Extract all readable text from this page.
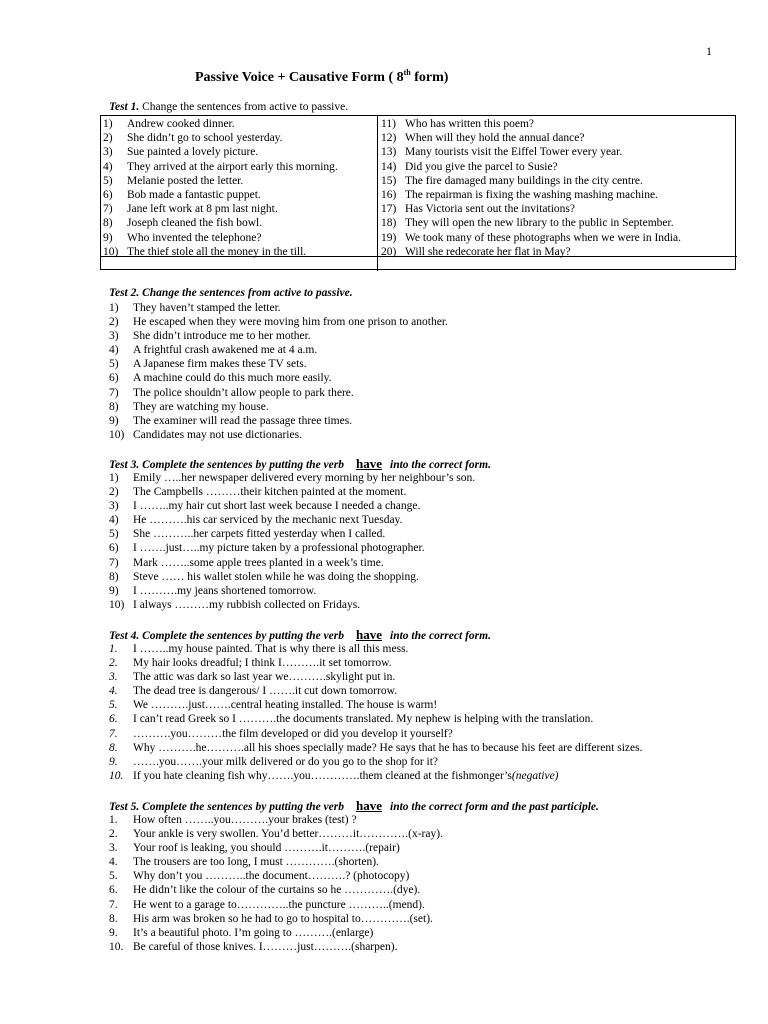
1
Passive Voice + Causative Form ( 8th form)
Test 1. Change the sentences from active to passive.
1)	Andrew cooked dinner.
2)	She didn’t go to school yesterday.
3)	Sue painted a lovely picture.
4)	They arrived at the airport early this morning.
5)	Melanie posted the letter.
6)	Bob made a fantastic puppet.
7)	Jane left work at 8 pm last night.
8)	Joseph cleaned the fish bowl.
9)	Who invented the telephone?
10) The thief stole all the money in the till.
11) Who has written this poem?
12) When will they hold the annual dance?
13) Many tourists visit the Eiffel Tower every year.
14) Did you give the parcel to Susie?
15) The fire damaged many buildings in the city centre.
16) The repairman is fixing the washing mashing machine.
17) Has Victoria sent out the invitations?
18) They will open the new library to the public in September.
19) We took many of these photographs when we were in India.
20) Will she redecorate her flat in May?
Test 2. Change the sentences from active to passive.
1)	They haven’t stamped the letter.
2)	He escaped when they were moving him from one prison to another.
3)	She didn’t introduce me to her mother.
4)	A frightful crash awakened me at 4 a.m.
5)	A Japanese firm makes these TV sets.
6)	A machine could do this much more easily.
7)	The police shouldn’t allow people to park there.
8)	They are watching my house.
9)	The examiner will read the passage three times.
10) Candidates may not use dictionaries.
Test 3. Complete the sentences by putting the verb have into the correct form.
1)	Emily …..her newspaper delivered every morning by her neighbour’s son.
2)	The Campbells ………their kitchen painted at the moment.
3)	I ……..my hair cut short last week because I needed a change.
4)	He ……….his car serviced by the mechanic next Tuesday.
5)	She ………..her carpets fitted yesterday when I called.
6)	I …….just…..my picture taken by a professional photographer.
7)	Mark ……..some apple trees planted in a week’s time.
8)	Steve …… his wallet stolen while he was doing the shopping.
9)	I ……….my jeans shortened tomorrow.
10) I always ………my rubbish collected on Fridays.
Test 4. Complete the sentences by putting the verb have into the correct form.
1.	I ……..my house painted. That is why there is all this mess.
2.	My hair looks dreadful; I think I……….it set tomorrow.
3.	The attic was dark so last year we……….skylight put in.
4.	The dead tree is dangerous/ I …….it cut down tomorrow.
5.	We ……….just…….central heating installed. The house is warm!
6.	I can’t read Greek so I ……….the documents translated. My nephew is helping with the translation.
7.	……….you………the film developed or did you develop it yourself?
8.	Why ……….he……….all his shoes specially made? He says that he has to because his feet are different sizes.
9.	…….you…….your milk delivered or do you go to the shop for it?
10. If you hate cleaning fish why…….you………….them cleaned at the fishmonger’s (negative)
Test 5. Complete the sentences by putting the verb have into the correct form and the past participle.
1.	How often ……..you……….your brakes (test) ?
2.	Your ankle is very swollen. You’d better………it………….(x-ray).
3.	Your roof is leaking, you should ……….it……….(repair)
4.	The trousers are too long, I must ………….(shorten).
5.	Why don’t you ………..the document……….? (photocopy)
6.	He didn’t like the colour of the curtains so he ………….(dye).
7.	He went to a garage to…………..the puncture ………..(mend).
8.	His arm was broken so he had to go to hospital to………….(set).
9.	It’s a beautiful photo. I’m going to ……….(enlarge)
10. Be careful of those knives. I………just……….(sharpen).
